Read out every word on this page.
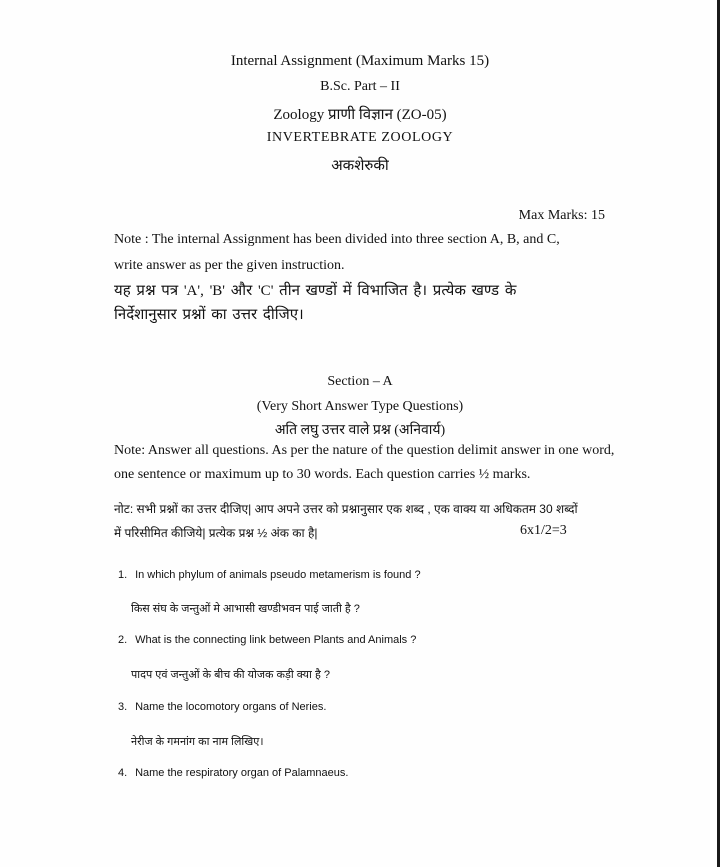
Internal Assignment (Maximum Marks 15)
B.Sc. Part – II
Zoology प्राणी विज्ञान (ZO-05)
INVERTEBRATE ZOOLOGY
अकशेरुकी
Max Marks: 15
Note : The internal Assignment has been divided into three section A, B, and C,
write answer as per the given instruction.
यह प्रश्न पत्र 'A', 'B' और 'C' तीन खण्डों में विभाजित है। प्रत्येक खण्ड के
निर्देशानुसार प्रश्नों का उत्तर दीजिए।
Section – A
(Very Short Answer Type Questions)
अति लघु उत्तर वाले प्रश्न (अनिवार्य)
Note: Answer all questions. As per the nature of the question delimit answer in one word,
one sentence or maximum up to 30 words. Each question carries ½ marks.
नोट: सभी प्रश्नों का उत्तर दीजिए| आप अपने उत्तर को प्रश्नानुसार एक शब्द , एक वाक्य या अधिकतम 30 शब्दों
में परिसीमित कीजिये| प्रत्येक प्रश्न ½ अंक का है|	6x1/2=3
1. In which phylum of animals pseudo metamerism is found ?
किस संघ के जन्तुओं मे आभासी खण्डीभवन पाई जाती है ?
2. What is the connecting link between Plants and Animals ?
पादप एवं जन्तुओं के बीच की योजक कड़ी क्या है ?
3. Name the locomotory organs of Neries.
नेरीज के गमनांग का नाम लिखिए।
4. Name the respiratory organ of Palamnaeus.
